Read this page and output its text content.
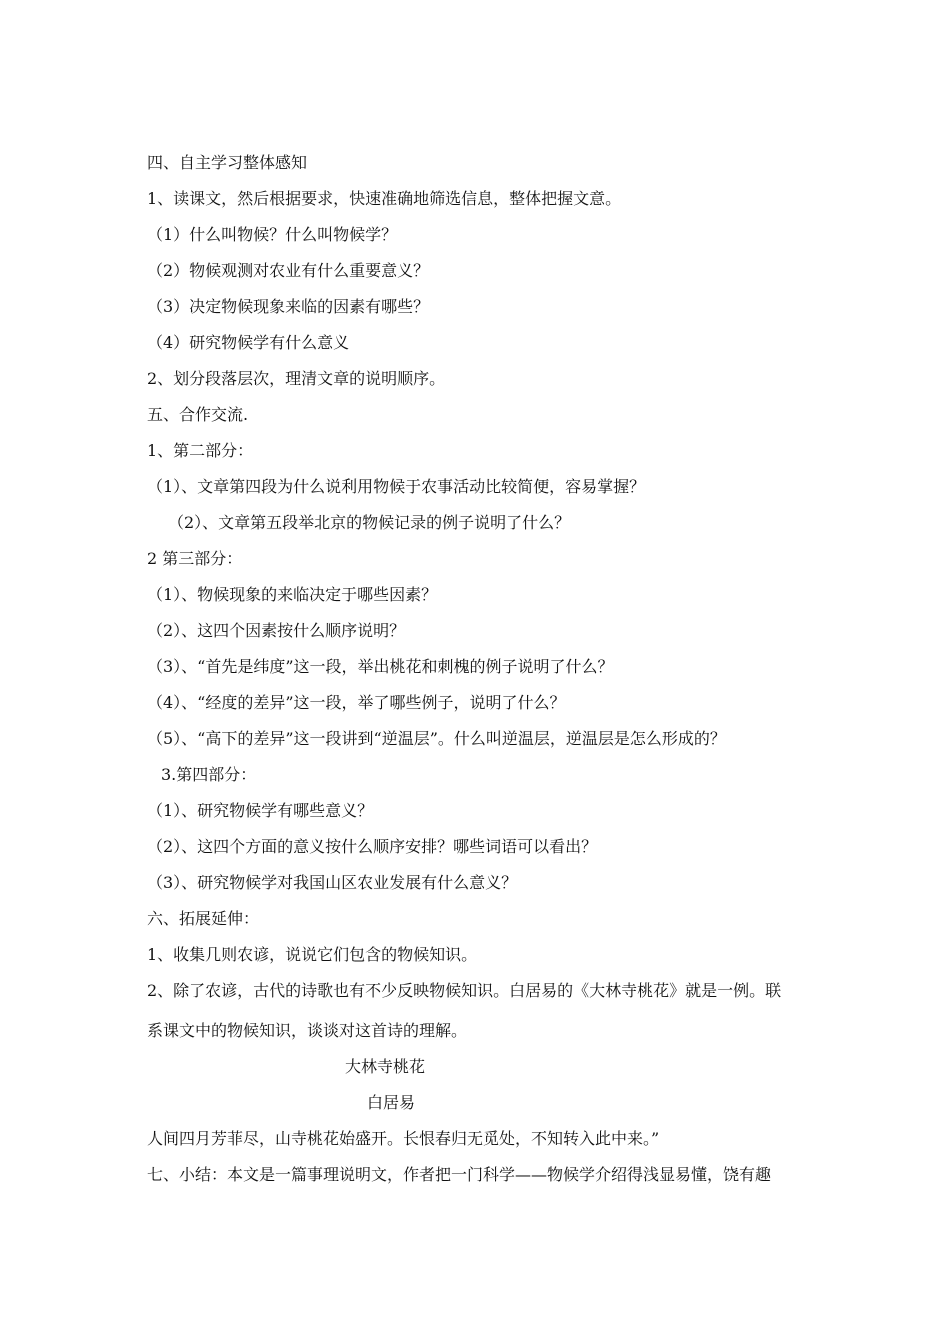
四、自主学习整体感知
1、读课文，然后根据要求，快速准确地筛选信息，整体把握文意。
（1）什么叫物候？什么叫物候学？
（2）物候观测对农业有什么重要意义？
（3）决定物候现象来临的因素有哪些？
（4）研究物候学有什么意义
2、划分段落层次，理清文章的说明顺序。
五、合作交流.
1、第二部分：
（1）、文章第四段为什么说利用物候于农事活动比较简便，容易掌握？
（2）、文章第五段举北京的物候记录的例子说明了什么？
2 第三部分：
（1）、物候现象的来临决定于哪些因素？
（2）、这四个因素按什么顺序说明？
（3）、“首先是纬度”这一段，举出桃花和刺槐的例子说明了什么？
（4）、“经度的差异”这一段，举了哪些例子，说明了什么？
（5）、“高下的差异”这一段讲到“逆温层”。什么叫逆温层，逆温层是怎么形成的？
3.第四部分：
（1）、研究物候学有哪些意义？
（2）、这四个方面的意义按什么顺序安排？哪些词语可以看出？
（3）、研究物候学对我国山区农业发展有什么意义？
六、拓展延伸：
1、收集几则农谚，说说它们包含的物候知识。
2、除了农谚，古代的诗歌也有不少反映物候知识。白居易的《大林寺桃花》就是一例。联
系课文中的物候知识，谈谈对这首诗的理解。
大林寺桃花
白居易
人间四月芳菲尽，山寺桃花始盛开。长恨春归无觅处，不知转入此中来。”
七、小结：本文是一篇事理说明文，作者把一门科学——物候学介绍得浅显易懂，饶有趣
